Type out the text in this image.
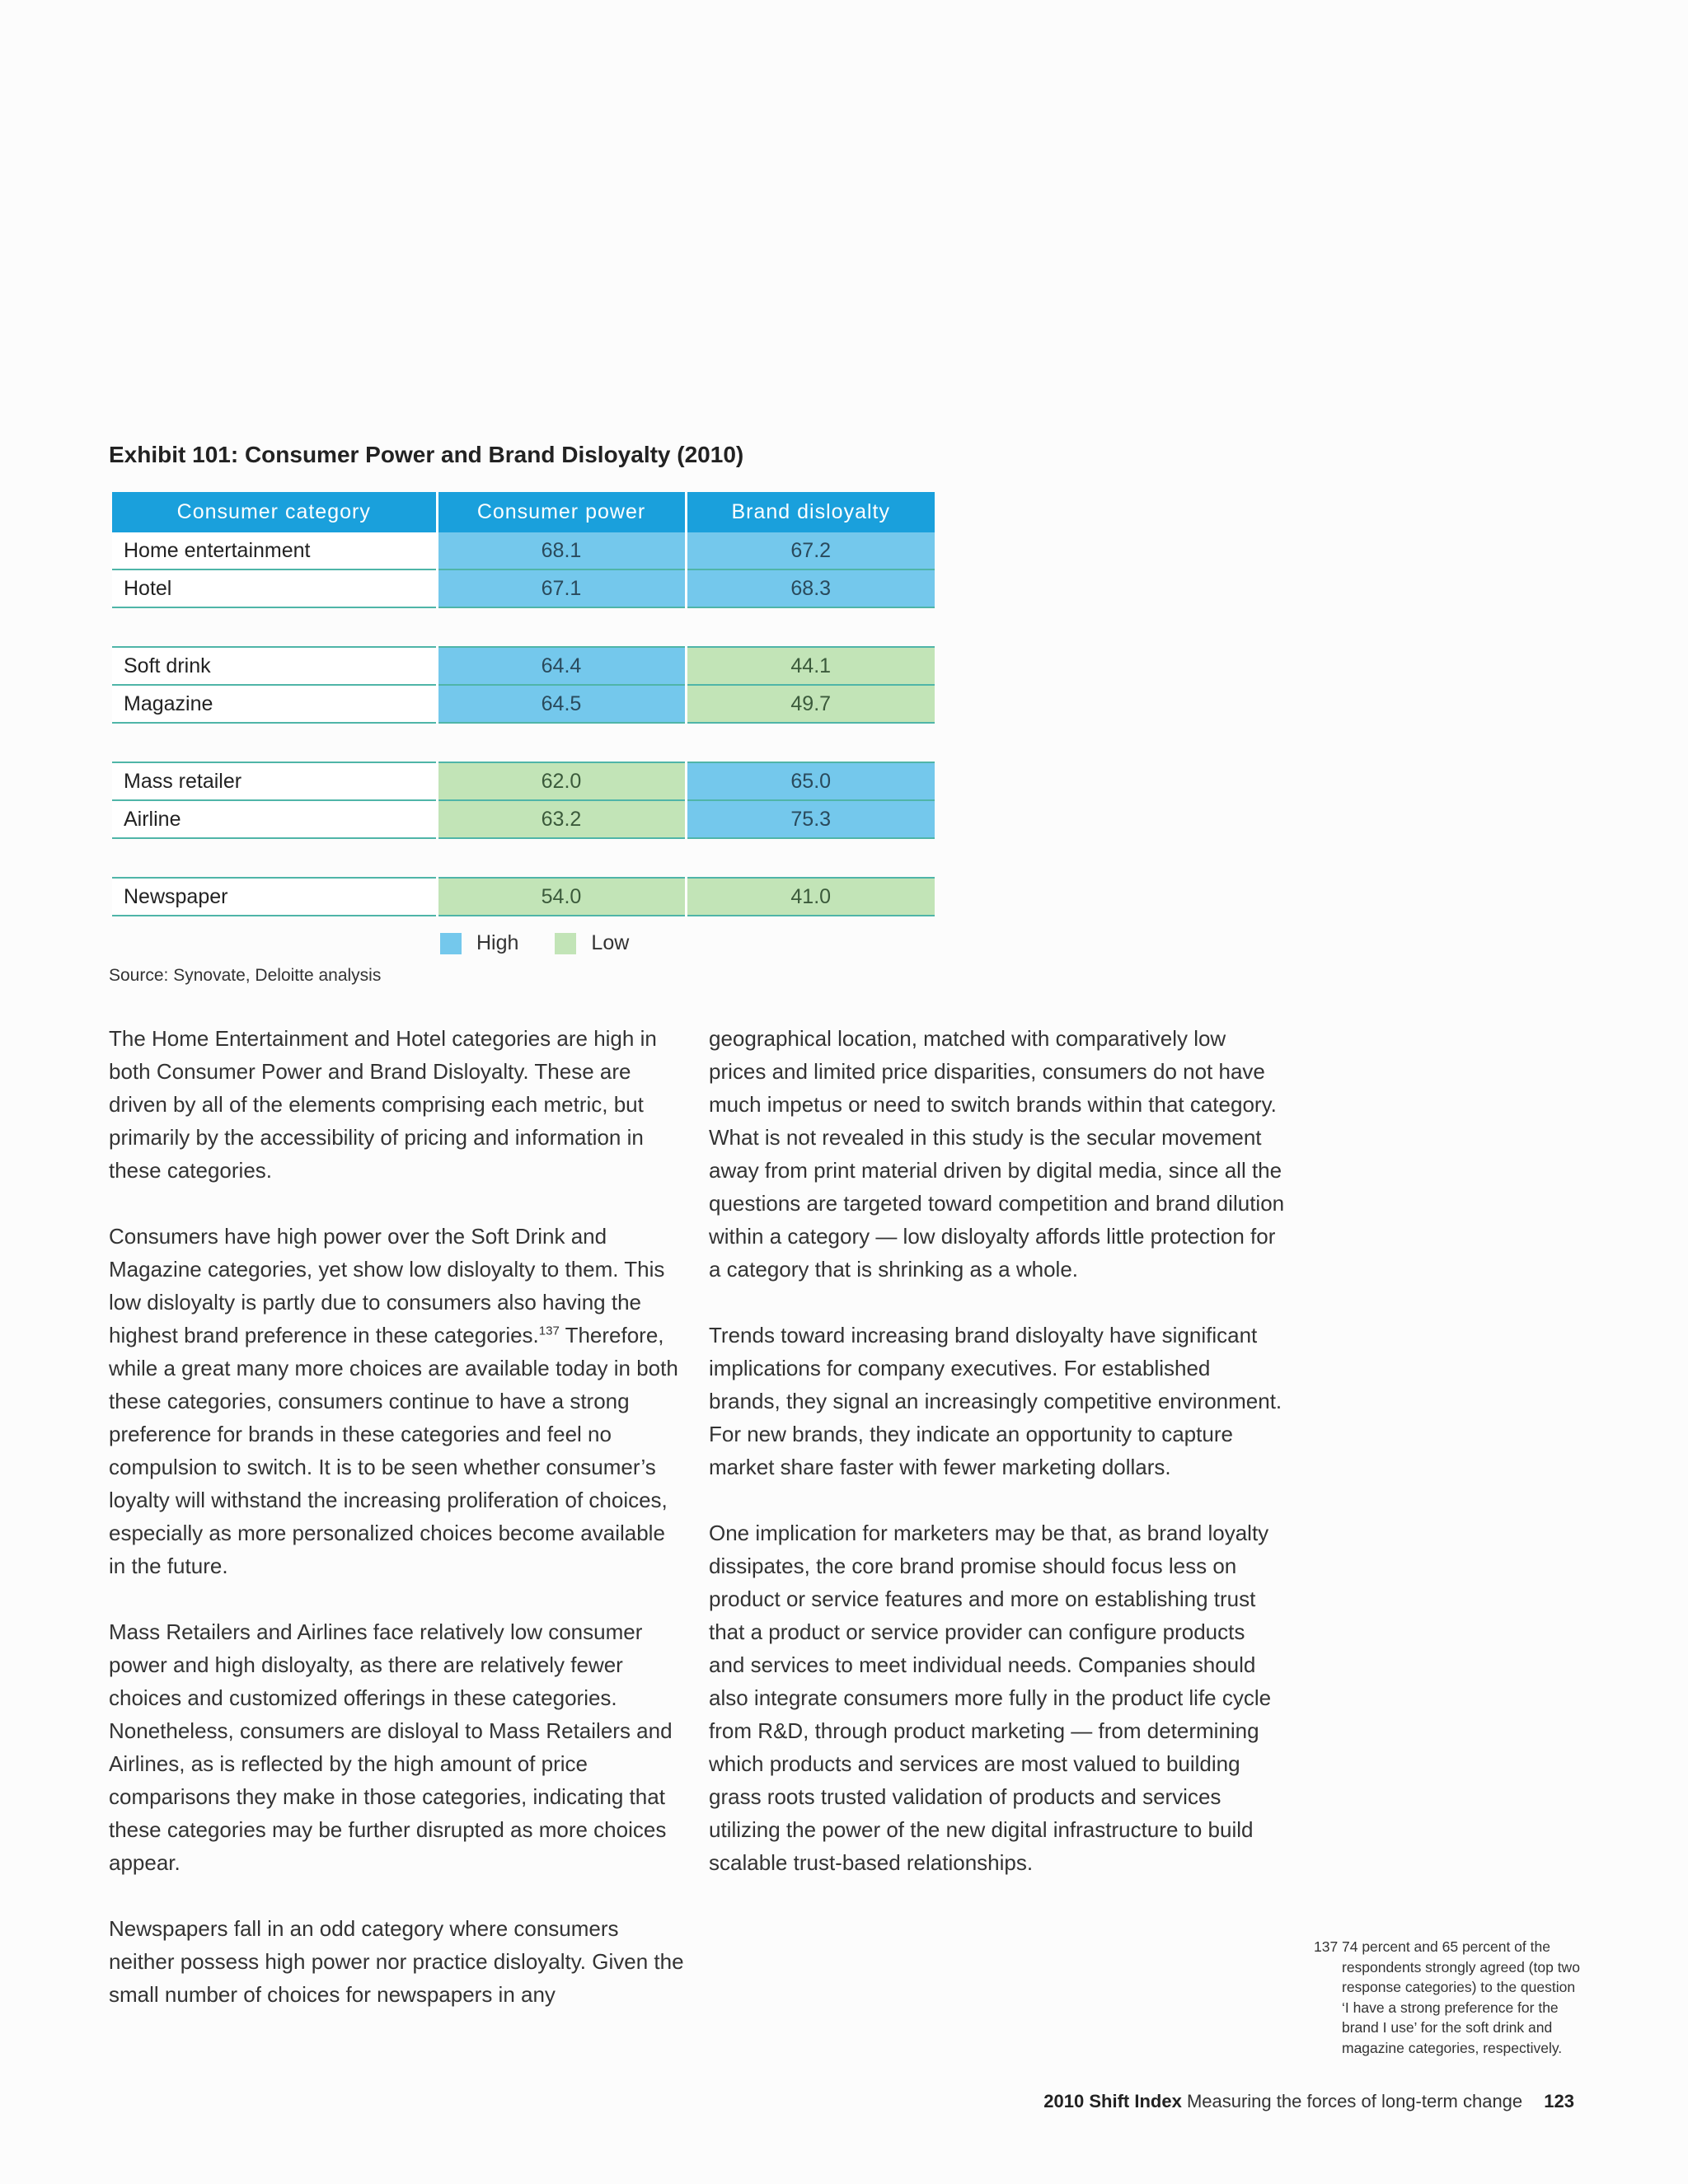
Exhibit 101: Consumer Power and Brand Disloyalty (2010)
Consumer category	Consumer power	Brand disloyalty
Home entertainment	68.1	67.2
Hotel	67.1	68.3

Soft drink	64.4	44.1
Magazine	64.5	49.7

Mass retailer	62.0	65.0
Airline	63.2	75.3

Newspaper	54.0	41.0
High	Low
Source: Synovate, Deloitte analysis

The Home Entertainment and Hotel categories are high in both Consumer Power and Brand Disloyalty. These are driven by all of the elements comprising each metric, but primarily by the accessibility of pricing and information in these categories.

Consumers have high power over the Soft Drink and Magazine categories, yet show low disloyalty to them. This low disloyalty is partly due to consumers also having the highest brand preference in these categories.$^{137}$ Therefore, while a great many more choices are available today in both these categories, consumers continue to have a strong preference for brands in these categories and feel no compulsion to switch. It is to be seen whether consumer’s loyalty will withstand the increasing proliferation of choices, especially as more personalized choices become available in the future.

Mass Retailers and Airlines face relatively low consumer power and high disloyalty, as there are relatively fewer choices and customized offerings in these categories. Nonetheless, consumers are disloyal to Mass Retailers and Airlines, as is reflected by the high amount of price comparisons they make in those categories, indicating that these categories may be further disrupted as more choices appear.

Newspapers fall in an odd category where consumers neither possess high power nor practice disloyalty. Given the small number of choices for newspapers in any

geographical location, matched with comparatively low prices and limited price disparities, consumers do not have much impetus or need to switch brands within that category. What is not revealed in this study is the secular movement away from print material driven by digital media, since all the questions are targeted toward competition and brand dilution within a category — low disloyalty affords little protection for a category that is shrinking as a whole.

Trends toward increasing brand disloyalty have significant implications for company executives. For established brands, they signal an increasingly competitive environment. For new brands, they indicate an opportunity to capture market share faster with fewer marketing dollars.

One implication for marketers may be that, as brand loyalty dissipates, the core brand promise should focus less on product or service features and more on establishing trust that a product or service provider can configure products and services to meet individual needs. Companies should also integrate consumers more fully in the product life cycle from R&D, through product marketing — from determining which products and services are most valued to building grass roots trusted validation of products and services utilizing the power of the new digital infrastructure to build scalable trust-based relationships.

137 74 percent and 65 percent of the respondents strongly agreed (top two response categories) to the question ‘I have a strong preference for the brand I use’ for the soft drink and magazine categories, respectively.
2010 Shift Index Measuring the forces of long-term change 123
